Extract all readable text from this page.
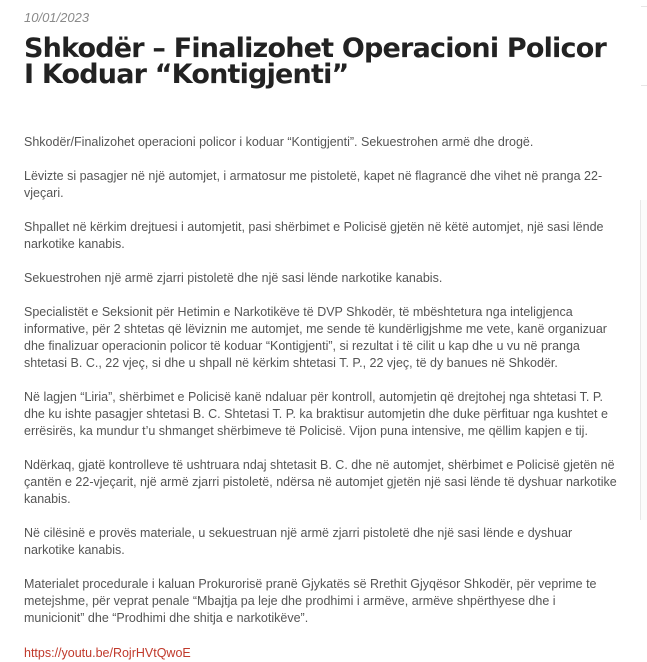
10/01/2023
Shkodër – Finalizohet Operacioni Policor I Koduar “Kontigjenti”

Shkodër/Finalizohet operacioni policor i koduar “Kontigjenti”. Sekuestrohen armë dhe drogë.

Lëvizte si pasagjer në një automjet, i armatosur me pistoletë, kapet në flagrancë dhe vihet në pranga 22-vjeçari.

Shpallet në kërkim drejtuesi i automjetit, pasi shërbimet e Policisë gjetën në këtë automjet, një sasi lënde narkotike kanabis.

Sekuestrohen një armë zjarri pistoletë dhe një sasi lënde narkotike kanabis.

Specialistët e Seksionit për Hetimin e Narkotikëve të DVP Shkodër, të mbështetura nga inteligjenca informative, për 2 shtetas që lëviznin me automjet, me sende të kundërligjshme me vete, kanë organizuar dhe finalizuar operacionin policor të koduar “Kontigjenti”, si rezultat i të cilit u kap dhe u vu në pranga shtetasi B. C., 22 vjeç, si dhe u shpall në kërkim shtetasi T. P., 22 vjeç, të dy banues në Shkodër.

Në lagjen “Liria”, shërbimet e Policisë kanë ndaluar për kontroll, automjetin që drejtohej nga shtetasi T. P. dhe ku ishte pasagjer shtetasi B. C. Shtetasi T. P. ka braktisur automjetin dhe duke përfituar nga kushtet e errësirës, ka mundur t’u shmanget shërbimeve të Policisë. Vijon puna intensive, me qëllim kapjen e tij.

Ndërkaq, gjatë kontrolleve të ushtruara ndaj shtetasit B. C. dhe në automjet, shërbimet e Policisë gjetën në çantën e 22-vjeçarit, një armë zjarri pistoletë, ndërsa në automjet gjetën një sasi lënde të dyshuar narkotike kanabis.

Në cilësinë e provës materiale, u sekuestruan një armë zjarri pistoletë dhe një sasi lënde e dyshuar narkotike kanabis.

Materialet procedurale i kaluan Prokurorisë pranë Gjykatës së Rrethit Gjyqësor Shkodër, për veprime te metejshme, për veprat penale “Mbajtja pa leje dhe prodhimi i armëve, armëve shpërthyese dhe i municionit” dhe “Prodhimi dhe shitja e narkotikëve”.

https://youtu.be/RojrHVtQwoE
